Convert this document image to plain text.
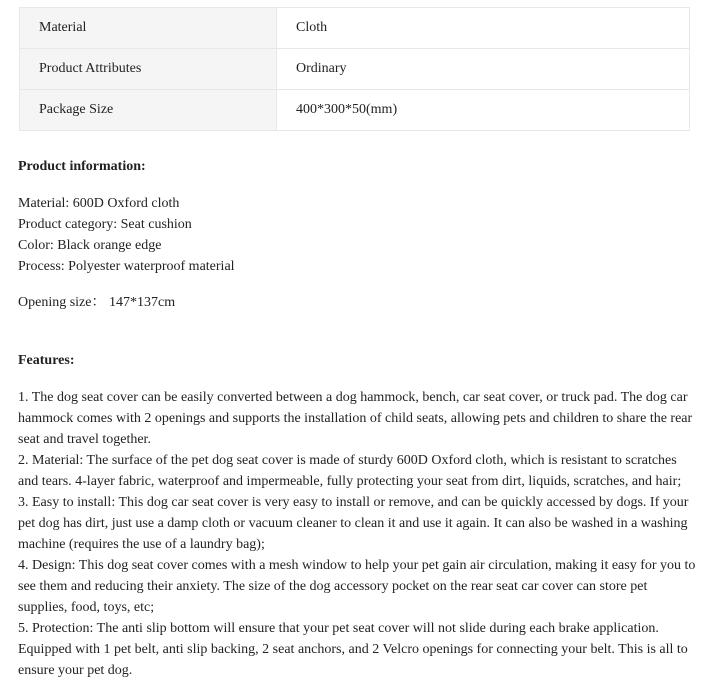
Material	Cloth
Product Attributes	Ordinary
Package Size	400*300*50(mm)

Product information:

Material: 600D Oxford cloth

Product category: Seat cushion

Color: Black orange edge

Process: Polyester waterproof material

Opening size： 147*137cm

Features:

1. The dog seat cover can be easily converted between a dog hammock, bench, car seat cover, or truck pad. The dog car hammock comes with 2 openings and supports the installation of child seats, allowing pets and children to share the rear seat and travel together.

2. Material: The surface of the pet dog seat cover is made of sturdy 600D Oxford cloth, which is resistant to scratches and tears. 4-layer fabric, waterproof and impermeable, fully protecting your seat from dirt, liquids, scratches, and hair;

3. Easy to install: This dog car seat cover is very easy to install or remove, and can be quickly accessed by dogs. If your pet dog has dirt, just use a damp cloth or vacuum cleaner to clean it and use it again. It can also be washed in a washing machine (requires the use of a laundry bag);

4. Design: This dog seat cover comes with a mesh window to help your pet gain air circulation, making it easy for you to see them and reducing their anxiety. The size of the dog accessory pocket on the rear seat car cover can store pet supplies, food, toys, etc;

5. Protection: The anti slip bottom will ensure that your pet seat cover will not slide during each brake application. Equipped with 1 pet belt, anti slip backing, 2 seat anchors, and 2 Velcro openings for connecting your belt. This is all to ensure your pet dog.
